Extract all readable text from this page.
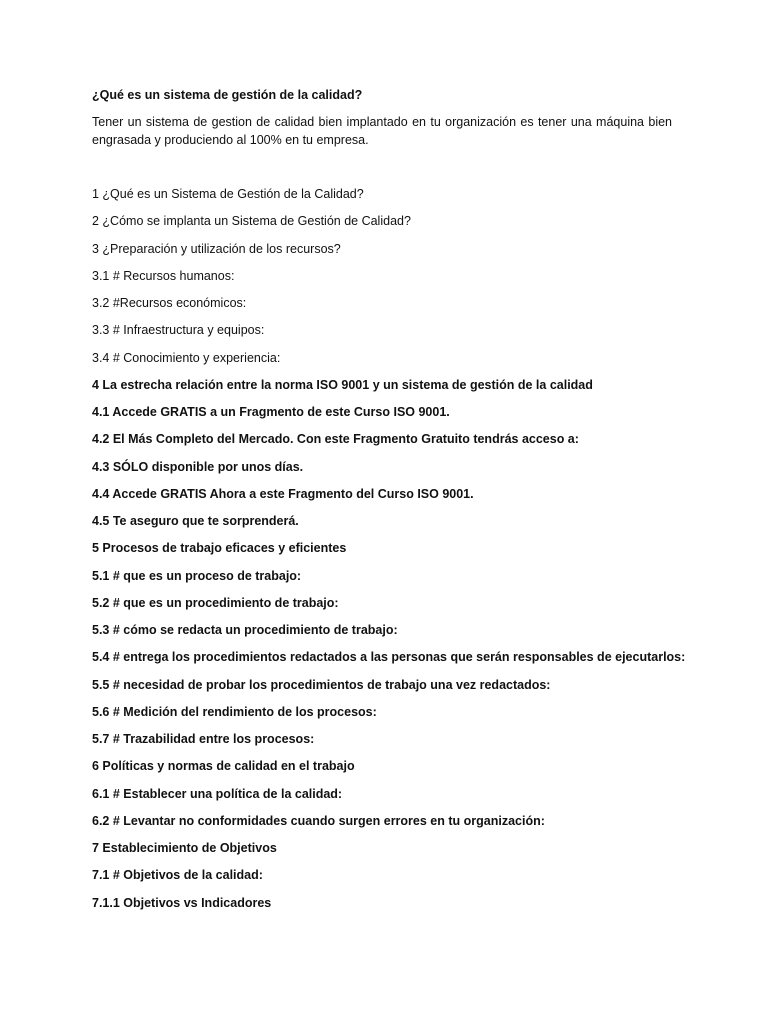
¿Qué es un sistema de gestión de la calidad?

Tener un sistema de gestion de calidad bien implantado en tu organización es tener una máquina bien engrasada y produciendo al 100% en tu empresa.

1 ¿Qué es un Sistema de Gestión de la Calidad?
2 ¿Cómo se implanta un Sistema de Gestión de Calidad?
3 ¿Preparación y utilización de los recursos?
3.1 # Recursos humanos:
3.2 #Recursos económicos:
3.3 # Infraestructura y equipos:
3.4 # Conocimiento y experiencia:
4 La estrecha relación entre la norma ISO 9001 y un sistema de gestión de la calidad
4.1 Accede GRATIS a un Fragmento de este Curso ISO 9001.
4.2 El Más Completo del Mercado. Con este Fragmento Gratuito tendrás acceso a:
4.3 SÓLO disponible por unos días.
4.4 Accede GRATIS Ahora a este Fragmento del Curso ISO 9001.
4.5 Te aseguro que te sorprenderá.
5 Procesos de trabajo eficaces y eficientes
5.1 # que es un proceso de trabajo:
5.2 # que es un procedimiento de trabajo:
5.3 # cómo se redacta un procedimiento de trabajo:
5.4 # entrega los procedimientos redactados a las personas que serán responsables de ejecutarlos:
5.5 # necesidad de probar los procedimientos de trabajo una vez redactados:
5.6 # Medición del rendimiento de los procesos:
5.7 # Trazabilidad entre los procesos:
6 Políticas y normas de calidad en el trabajo
6.1 # Establecer una política de la calidad:
6.2 # Levantar no conformidades cuando surgen errores en tu organización:
7 Establecimiento de Objetivos
7.1 # Objetivos de la calidad:
7.1.1 Objetivos vs Indicadores
